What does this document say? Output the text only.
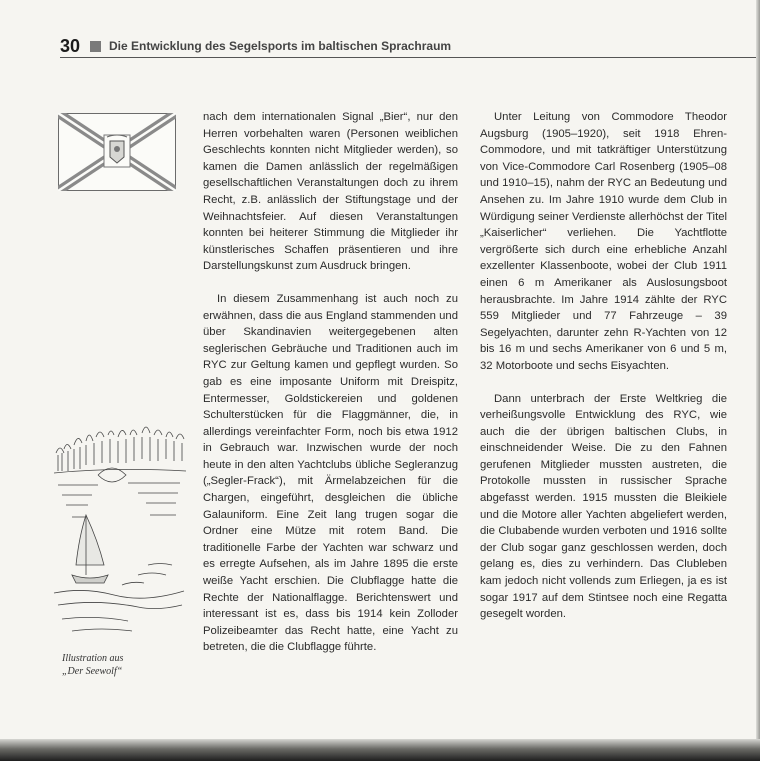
30 Die Entwicklung des Segelsports im baltischen Sprachraum
Illustration aus
„Der Seewolf“

nach dem internationalen Signal „Bier“, nur den Herren vorbehalten waren (Personen weiblichen Geschlechts konnten nicht Mitglieder werden), so kamen die Damen anlässlich der regelmäßigen gesellschaftlichen Veranstaltungen doch zu ihrem Recht, z.B. anlässlich der Stiftungstage und der Weihnachtsfeier. Auf diesen Veranstaltungen konnten bei heiterer Stimmung die Mitglieder ihr künstlerisches Schaffen präsentieren und ihre Darstellungskunst zum Ausdruck bringen.

In diesem Zusammenhang ist auch noch zu erwähnen, dass die aus England stammenden und über Skandinavien weitergegebenen alten seglerischen Gebräuche und Traditionen auch im RYC zur Geltung kamen und gepflegt wurden. So gab es eine imposante Uniform mit Dreispitz, Entermesser, Goldstickereien und goldenen Schulterstücken für die Flaggmänner, die, in allerdings vereinfachter Form, noch bis etwa 1912 in Gebrauch war. Inzwischen wurde der noch heute in den alten Yachtclubs übliche Segleranzug („Segler-Frack“), mit Ärmelabzeichen für die Chargen, eingeführt, desgleichen die übliche Galauniform. Eine Zeit lang trugen sogar die Ordner eine Mütze mit rotem Band. Die traditionelle Farbe der Yachten war schwarz und es erregte Aufsehen, als im Jahre 1895 die erste weiße Yacht erschien. Die Clubflagge hatte die Rechte der Nationalflagge. Berichtenswert und interessant ist es, dass bis 1914 kein Zolloder Polizeibeamter das Recht hatte, eine Yacht zu betreten, die die Clubflagge führte.

Unter Leitung von Commodore Theodor Augsburg (1905–1920), seit 1918 Ehren-Commodore, und mit tatkräftiger Unterstützung von Vice-Commodore Carl Rosenberg (1905–08 und 1910–15), nahm der RYC an Bedeutung und Ansehen zu. Im Jahre 1910 wurde dem Club in Würdigung seiner Verdienste allerhöchst der Titel „Kaiserlicher“ verliehen. Die Yachtflotte vergrößerte sich durch eine erhebliche Anzahl exzellenter Klassenboote, wobei der Club 1911 einen 6 m Amerikaner als Auslosungsboot herausbrachte. Im Jahre 1914 zählte der RYC 559 Mitglieder und 77 Fahrzeuge – 39 Segelyachten, darunter zehn R-Yachten von 12 bis 16 m und sechs Amerikaner von 6 und 5 m, 32 Motorboote und sechs Eisyachten.

Dann unterbrach der Erste Weltkrieg die verheißungsvolle Entwicklung des RYC, wie auch die der übrigen baltischen Clubs, in einschneidender Weise. Die zu den Fahnen gerufenen Mitglieder mussten austreten, die Protokolle mussten in russischer Sprache abgefasst werden. 1915 mussten die Bleikiele und die Motore aller Yachten abgeliefert werden, die Clubabende wurden verboten und 1916 sollte der Club sogar ganz geschlossen werden, doch gelang es, dies zu verhindern. Das Clubleben kam jedoch nicht vollends zum Erliegen, ja es ist sogar 1917 auf dem Stintsee noch eine Regatta gesegelt worden.
